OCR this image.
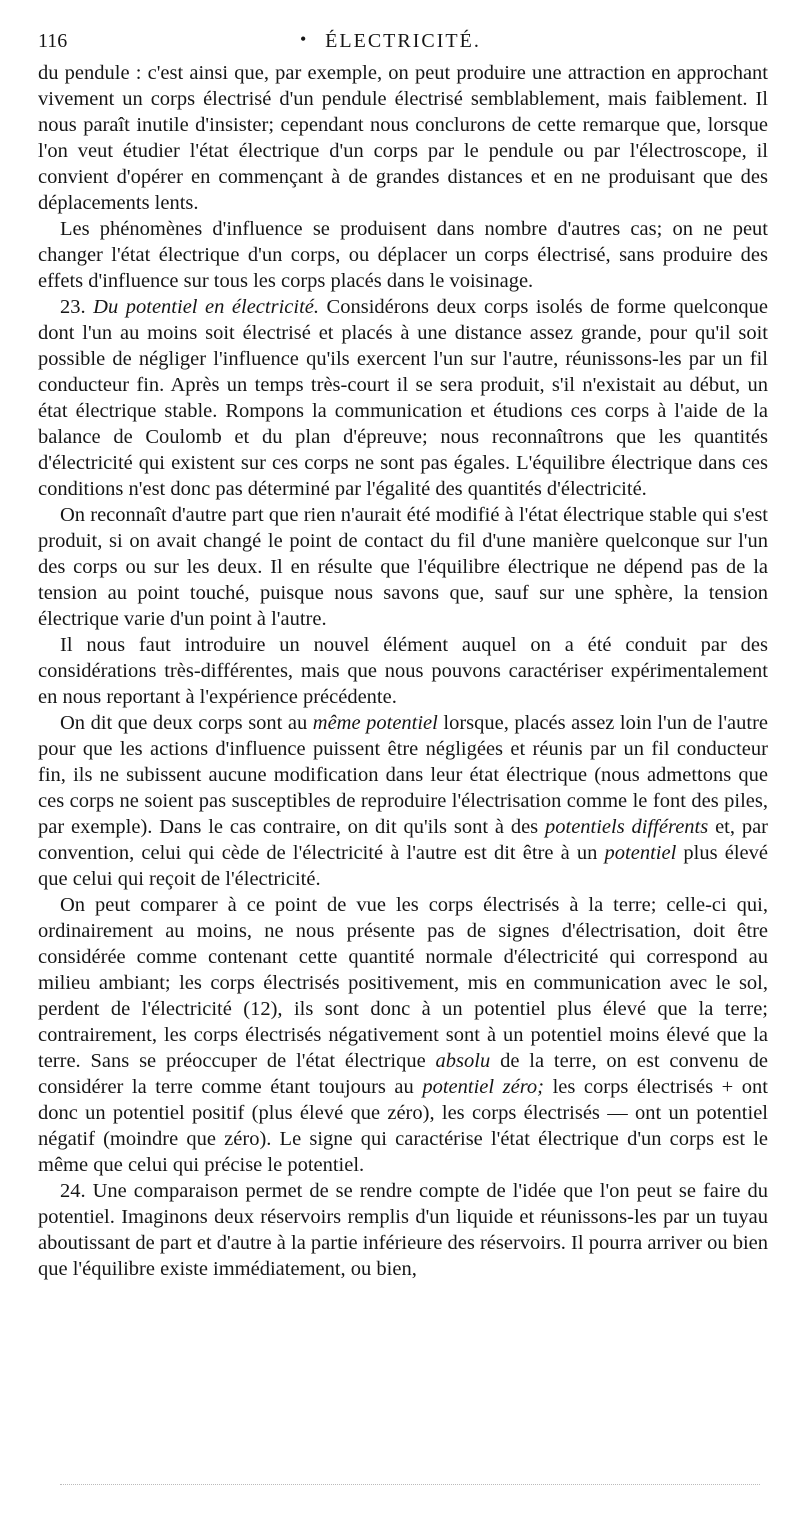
116	• ÉLECTRICITÉ.

du pendule : c'est ainsi que, par exemple, on peut produire une attraction en approchant vivement un corps électrisé d'un pendule électrisé semblablement, mais faiblement. Il nous paraît inutile d'insister; cependant nous conclurons de cette remarque que, lorsque l'on veut étudier l'état électrique d'un corps par le pendule ou par l'électroscope, il convient d'opérer en commençant à de grandes distances et en ne produisant que des déplacements lents.

Les phénomènes d'influence se produisent dans nombre d'autres cas; on ne peut changer l'état électrique d'un corps, ou déplacer un corps électrisé, sans produire des effets d'influence sur tous les corps placés dans le voisinage.

23. Du potentiel en électricité. Considérons deux corps isolés de forme quelconque dont l'un au moins soit électrisé et placés à une distance assez grande, pour qu'il soit possible de négliger l'influence qu'ils exercent l'un sur l'autre, réunissons-les par un fil conducteur fin. Après un temps très-court il se sera produit, s'il n'existait au début, un état électrique stable. Rompons la communication et étudions ces corps à l'aide de la balance de Coulomb et du plan d'épreuve; nous reconnaîtrons que les quantités d'électricité qui existent sur ces corps ne sont pas égales. L'équilibre électrique dans ces conditions n'est donc pas déterminé par l'égalité des quantités d'électricité.

On reconnaît d'autre part que rien n'aurait été modifié à l'état électrique stable qui s'est produit, si on avait changé le point de contact du fil d'une manière quelconque sur l'un des corps ou sur les deux. Il en résulte que l'équilibre électrique ne dépend pas de la tension au point touché, puisque nous savons que, sauf sur une sphère, la tension électrique varie d'un point à l'autre.

Il nous faut introduire un nouvel élément auquel on a été conduit par des considérations très-différentes, mais que nous pouvons caractériser expérimentalement en nous reportant à l'expérience précédente.

On dit que deux corps sont au même potentiel lorsque, placés assez loin l'un de l'autre pour que les actions d'influence puissent être négligées et réunis par un fil conducteur fin, ils ne subissent aucune modification dans leur état électrique (nous admettons que ces corps ne soient pas susceptibles de reproduire l'électrisation comme le font des piles, par exemple). Dans le cas contraire, on dit qu'ils sont à des potentiels différents et, par convention, celui qui cède de l'électricité à l'autre est dit être à un potentiel plus élevé que celui qui reçoit de l'électricité.

On peut comparer à ce point de vue les corps électrisés à la terre; celle-ci qui, ordinairement au moins, ne nous présente pas de signes d'électrisation, doit être considérée comme contenant cette quantité normale d'électricité qui correspond au milieu ambiant; les corps électrisés positivement, mis en communication avec le sol, perdent de l'électricité (12), ils sont donc à un potentiel plus élevé que la terre; contrairement, les corps électrisés négativement sont à un potentiel moins élevé que la terre. Sans se préoccuper de l'état électrique absolu de la terre, on est convenu de considérer la terre comme étant toujours au potentiel zéro; les corps électrisés + ont donc un potentiel positif (plus élevé que zéro), les corps électrisés — ont un potentiel négatif (moindre que zéro). Le signe qui caractérise l'état électrique d'un corps est le même que celui qui précise le potentiel.

24. Une comparaison permet de se rendre compte de l'idée que l'on peut se faire du potentiel. Imaginons deux réservoirs remplis d'un liquide et réunissons-les par un tuyau aboutissant de part et d'autre à la partie inférieure des réservoirs. Il pourra arriver ou bien que l'équilibre existe immédiatement, ou bien,
